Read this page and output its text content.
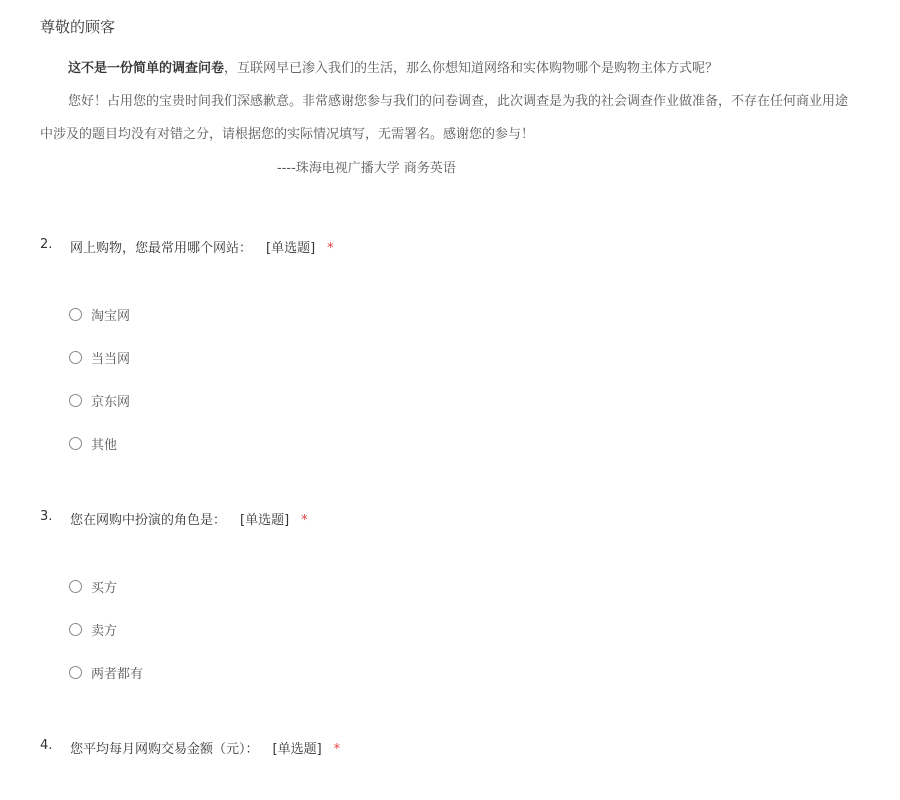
尊敬的顾客
这不是一份简单的调查问卷，互联网早已渗入我们的生活，那么你想知道网络和实体购物哪个是购物主体方式呢？
您好！占用您的宝贵时间我们深感歉意。非常感谢您参与我们的问卷调查，此次调查是为我的社会调查作业做准备，不存在任何商业用途
中涉及的题目均没有对错之分，请根据您的实际情况填写，无需署名。感谢您的参与！
----珠海电视广播大学 商务英语
2. 网上购物，您最常用哪个网站： [单选题] *
淘宝网
当当网
京东网
其他
3. 您在网购中扮演的角色是： [单选题] *
买方
卖方
两者都有
4. 您平均每月网购交易金额（元）： [单选题] *
